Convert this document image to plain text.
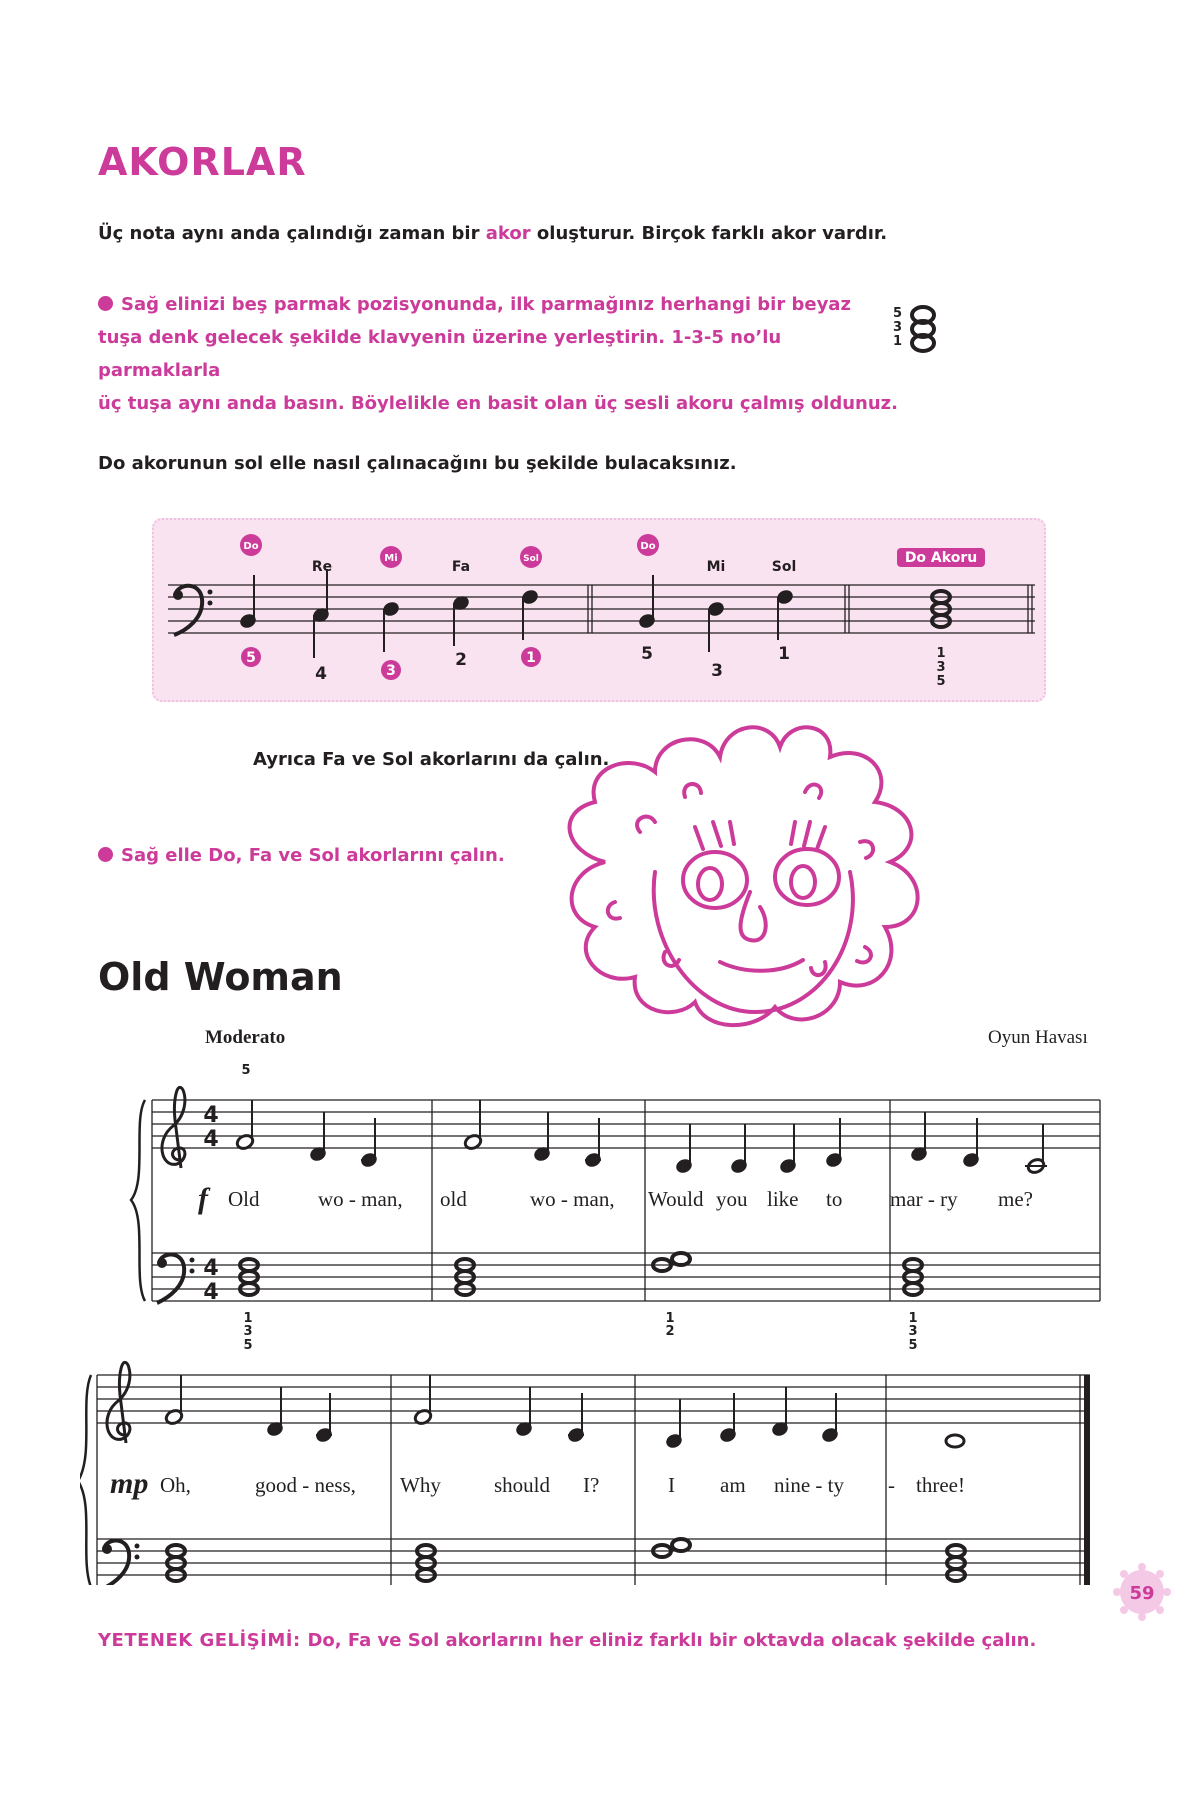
AKORLAR
Üç nota aynı anda çalındığı zaman bir akor oluşturur. Birçok farklı akor vardır.
Sağ elinizi beş parmak pozisyonunda, ilk parmağınız herhangi bir beyaz
tuşa denk gelecek şekilde klavyenin üzerine yerleştirin. 1-3-5 no’lu parmaklarla
üç tuşa aynı anda basın. Böylelikle en basit olan üç sesli akoru çalmış oldunuz.
5
3
1
Do akorunun sol elle nasıl çalınacağını bu şekilde bulacaksınız.
Do
Re
Mi
Fa	Sol
Do
Mi	Sol
Do Akoru
5
4	3
2	1	5
3
1	1
3
5
Ayrıca Fa ve Sol akorlarını da çalın.
Sağ elle Do, Fa ve Sol akorlarını çalın.
Old Woman
Moderato	Oyun Havası
4
4
4
4
5
1	1	1
3
5
2	3
5
f Old	wo - man, old	wo - man, Would you like to mar - ry me?
mp Oh,	good - ness, Why	should I?	I am nine - ty - three!
59
YETENEK GELİŞİMİ: Do, Fa ve Sol akorlarını her eliniz farklı bir oktavda olacak şekilde çalın.
